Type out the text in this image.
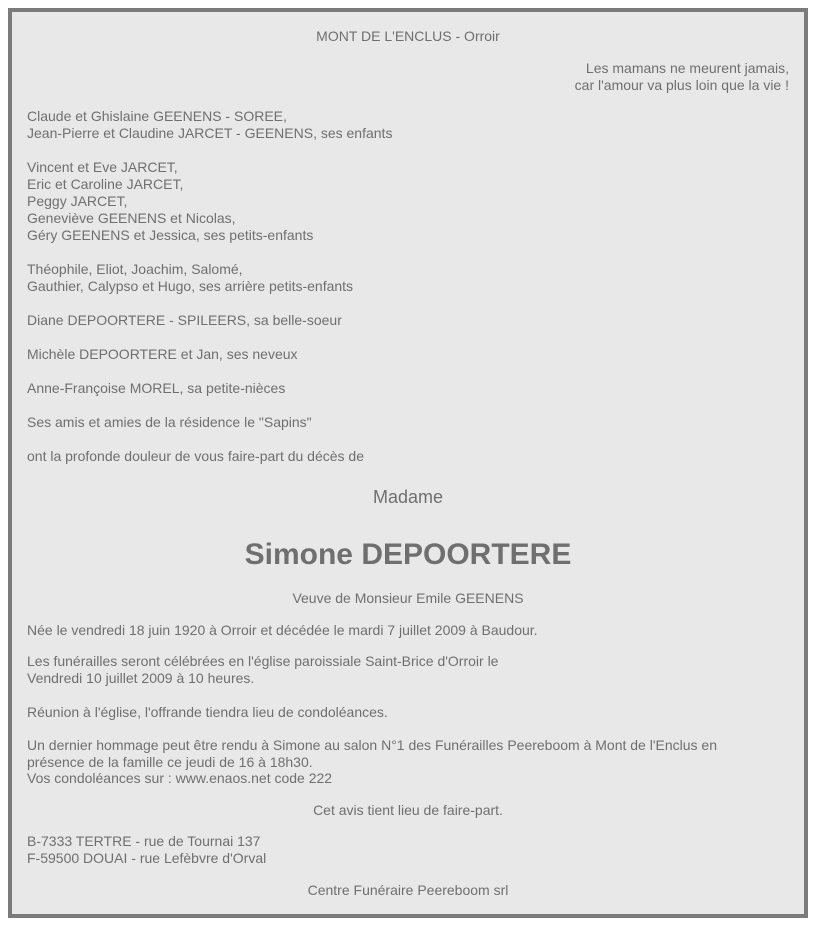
MONT DE L'ENCLUS - Orroir
Les mamans ne meurent jamais,
car l'amour va plus loin que la vie !
Claude et Ghislaine GEENENS - SOREE,
Jean-Pierre et Claudine JARCET - GEENENS, ses enfants
Vincent et Eve JARCET,
Eric et Caroline JARCET,
Peggy JARCET,
Geneviève GEENENS et Nicolas,
Géry GEENENS et Jessica, ses petits-enfants
Théophile, Eliot, Joachim, Salomé,
Gauthier, Calypso et Hugo, ses arrière petits-enfants
Diane DEPOORTERE - SPILEERS, sa belle-soeur
Michèle DEPOORTERE et Jan, ses neveux
Anne-Françoise MOREL, sa petite-nièces
Ses amis et amies de la résidence le "Sapins"
ont la profonde douleur de vous faire-part du décès de
Madame
Simone DEPOORTERE
Veuve de Monsieur Emile GEENENS
Née le vendredi 18 juin 1920 à Orroir et décédée le mardi 7 juillet 2009 à Baudour.
Les funérailles seront célébrées en l'église paroissiale Saint-Brice d'Orroir le
Vendredi 10 juillet 2009 à 10 heures.
Réunion à l'église, l'offrande tiendra lieu de condoléances.
Un dernier hommage peut être rendu à Simone au salon N°1 des Funérailles Peereboom à Mont de l'Enclus en
présence de la famille ce jeudi de 16 à 18h30.
Vos condoléances sur : www.enaos.net code 222
Cet avis tient lieu de faire-part.
B-7333 TERTRE - rue de Tournai 137
F-59500 DOUAI - rue Lefèbvre d'Orval
Centre Funéraire Peereboom srl
